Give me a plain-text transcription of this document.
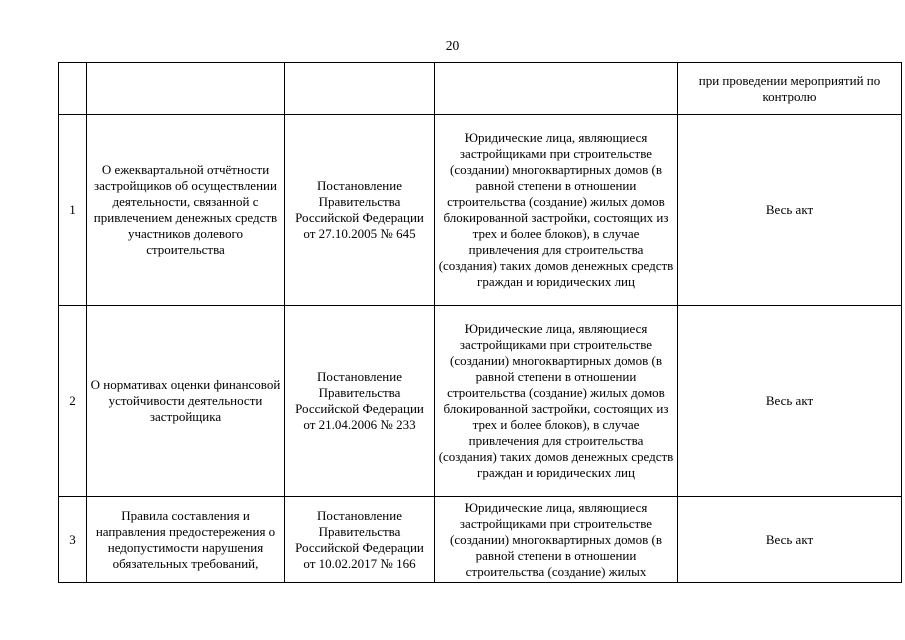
20
				при проведении мероприятий по контролю
1	О ежеквартальной отчётности застройщиков об осуществлении деятельности, связанной с привлечением денежных средств участников долевого строительства	Постановление Правительства Российской Федерации от 27.10.2005 № 645	Юридические лица, являющиеся застройщиками при строительстве (создании) многоквартирных домов (в равной степени в отношении строительства (создание) жилых домов блокированной застройки, состоящих из трех и более блоков), в случае привлечения для строительства (создания) таких домов денежных средств граждан и юридических лиц	Весь акт
2	О нормативах оценки финансовой устойчивости деятельности застройщика	Постановление Правительства Российской Федерации от 21.04.2006 № 233	Юридические лица, являющиеся застройщиками при строительстве (создании) многоквартирных домов (в равной степени в отношении строительства (создание) жилых домов блокированной застройки, состоящих из трех и более блоков), в случае привлечения для строительства (создания) таких домов денежных средств граждан и юридических лиц	Весь акт
3	Правила составления и направления предостережения о недопустимости нарушения обязательных требований,	Постановление Правительства Российской Федерации от 10.02.2017 № 166	Юридические лица, являющиеся застройщиками при строительстве (создании) многоквартирных домов (в равной степени в отношении строительства (создание) жилых	Весь акт
